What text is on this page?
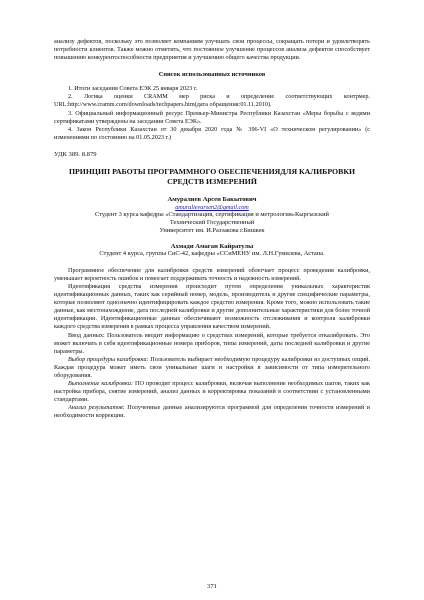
анализу дефектов, поскольку это позволяет компаниям улучшать свои процессы, сокращать потери и удовлетворять потребности клиентов. Также можно отметить, что постоянное улучшение процессов анализа дефектов способствует повышению конкурентоспособности предприятия и улучшению общего качества продукции.

Список использованных источников

1. Итоги заседания Совета ЕЭК 25 января 2023 г.

2. Логика оценки CRAMM мер риска и определение соответствующих контрмер. URL:http://www.cramm.com/downloads/techpapers.htm(дата обращения:01.11.2010).

3. Официальный информационный ресурс Премьер-Министра Республики Казахстан «Меры борьбы с ведями сертификатами утверждены на заседании Совета ЕЭК».

4. Закон Республики Казахстан от 30 декабря 2020 года № 396-VI «О техническом регулировании» (с изменениями по состоянию на 01.05.2023 г.)

УДК 389. 8.879

ПРИНЦИП РАБОТЫ ПРОГРАММНОГО ОБЕСПЕЧЕНИЯДЛЯ КАЛИБРОВКИ СРЕДСТВ ИЗМЕРЕНИЙ

Амуралиев Арсен Бакытович

amuralievarsen2@gmail.com

Студент 3 курса кафедры «Стандартизация, сертификация и метрология»Кыргызский

Технический Государственный

Университет им. И.Раззакова г.Бишкек

Ахмади Амаган Кайратулы

Студент 4 курса, группы СиС-42, кафедры «ССиМЕНУ им. Л.Н.Гумилева, Астана.

Программное обеспечение для калибровки средств измерений облегчает процесс проведения калибровки, уменьшает вероятность ошибок и помогает поддерживать точность и надежность измерений.

Идентификация средства измерения происходит путем определения уникальных характеристик идентификационных данных, таких как серийный номер, модель, производитель и другие специфические параметры, которые позволяют однозначно идентифицировать каждое средство измерения. Кроме того, можно использовать такие данные, как местонахождение, дата последней калибровки и другие дополнительные характеристики для более точной идентификации. Идентификационные данные обеспечивают возможность отслеживания и контроля калибровки каждого средства измерения в рамках процесса управления качеством измерений.

Ввод данных: Пользователь вводит информацию о средствах измерений, которые требуется откалибровать. Это может включать в себя идентификационные номера приборов, типы измерений, даты последней калибровки и другие параметры.

Выбор процедуры калибровки: Пользователь выбирает необходимую процедуру калибровки из доступных опций. Каждая процедура может иметь свои уникальные шаги и настройки в зависимости от типа измерительного оборудования.

Выполнение калибровки: ПО проводит процесс калибровки, включая выполнение необходимых шагов, таких как настройка прибора, снятие измерений, анализ данных и корректировка показаний в соответствии с установленными стандартами.

Анализ результатов: Полученные данные анализируются программой для определения точности измерений и необходимости коррекции.

371
